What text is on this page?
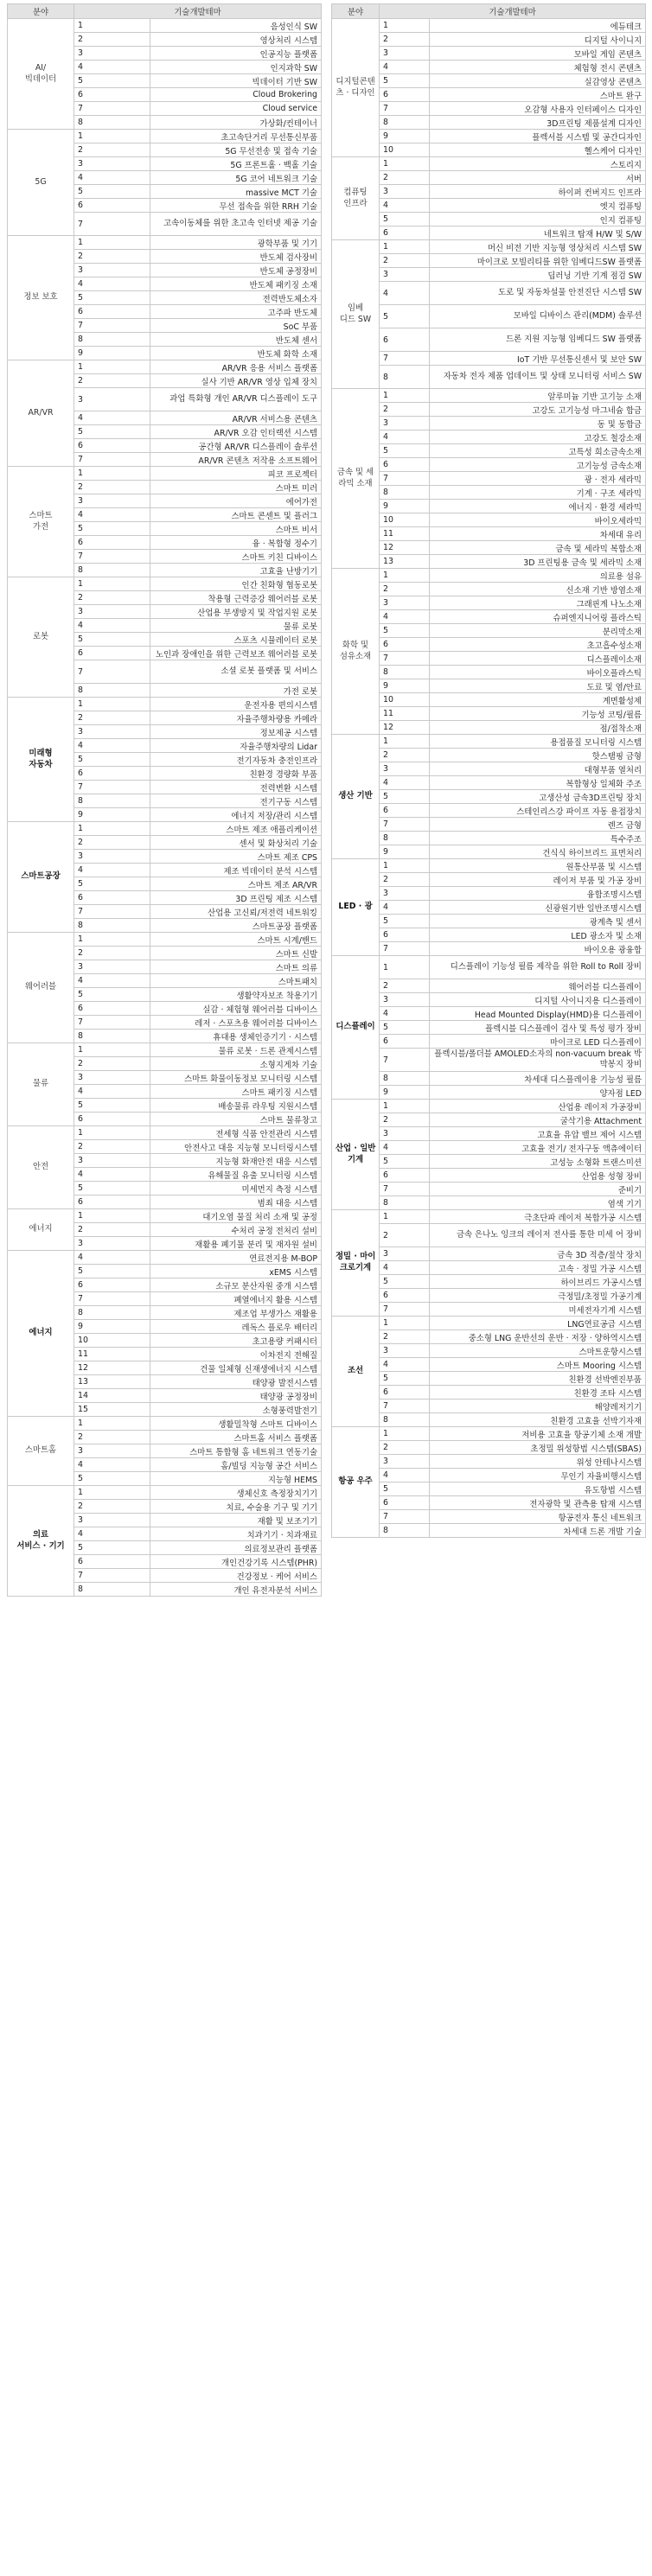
분야	기술개발테마	
AI/
빅데이터	1	음성인식 SW
	2	영상처리 시스템
	3	인공지능 플랫폼
	4	인지과학 SW
	5	빅데이터 기반 SW
	6	Cloud Brokering
	7	Cloud service
	8	가상화/컨테이너
5G	1	초고속단거리 무선통신부품
	2	5G 무선전송 및 접속 기술
	3	5G 프론트홀 · 백홀 기술
	4	5G 코어 네트워크 기술
	5	massive MCT 기술
	6	무선 접속을 위한 RRH 기술
	7	고속이동체를 위한 초고속 인터넷 제공 기술
정보 보호	1	광학부품 및 기기
	2	반도체 검사장비
	3	반도체 공정장비
	4	반도체 패키징 소재
	5	전력반도체소자
	6	고주파 반도체
	7	SoC 부품
	8	반도체 센서
	9	반도체 화학 소재
AR/VR	1	AR/VR 응용 서비스 플랫폼
	2	실사 기반 AR/VR 영상 입체 장치
	3	과업 특화형 개인 AR/VR 디스플레이 도구
	4	AR/VR 서비스용 콘텐츠
	5	AR/VR 오감 인터랙션 시스템
	6	공간형 AR/VR 디스플레이 솔루션
	7	AR/VR 콘텐츠 저작용 소프트웨어
스마트
가전	1	피코 프로젝터
	2	스마트 미러
	3	에어가전
	4	스마트 콘센트 및 플러그
	5	스마트 비서
	6	융 · 복합형 정수기
	7	스마트 키친 디바이스
	8	고효율 난방기기
로봇	1	인간 친화형 협동로봇
	2	착용형 근력증강 웨어러블 로봇
	3	산업용 부생방지 및 작업지원 로봇
	4	물류 로봇
	5	스포츠 시뮬레이터 로봇
	6	노인과 장애인을 위한 근력보조 웨어러블 로봇
	7	소셜 로봇 플랫폼 및 서비스
	8	가전 로봇
미래형
자동차	1	운전자용 편의시스템
	2	자율주행차량용 카메라
	3	정보제공 시스템
	4	자율주행차량의 Lidar
	5	전기자동차 충전인프라
	6	친환경 경량화 부품
	7	전력변환 시스템
	8	전기구동 시스템
	9	에너지 저장/관리 시스템
스마트공장	1	스마트 제조 애플리케이션
	2	센서 및 화상처리 기술
	3	스마트 제조 CPS
	4	제조 빅데이터 분석 시스템
	5	스마트 제조 AR/VR
	6	3D 프린팅 제조 시스템
	7	산업용 고신뢰/저전력 네트워킹
	8	스마트공장 플랫폼
웨어러블	1	스마트 시계/밴드
	2	스마트 신발
	3	스마트 의류
	4	스마트패치
	5	생활약자보조 착용기기
	6	실감 · 체험형 웨어러블 디바이스
	7	레저 · 스포츠용 웨어러블 디바이스
	8	휴대용 생체인증기기 · 시스템
물류	1	물류 로봇 · 드론 관제시스템
	2	소형지게차 기술
	3	스마트 화물이동정보 모니터링 시스템
	4	스마트 패키징 시스템
	5	배송물류 라우팅 지원시스템
	6	스마트 물류창고
안전	1	전세형 식품 안전관리 시스템
	2	안전사고 대응 지능형 모니터링시스템
	3	지능형 화재안전 대응 시스템
	4	유해물질 유출 모니터링 시스템
	5	미세먼지 측정 시스템
	6	범죄 대응 시스템
에너지	1	대기오염 물질 처리 소재 및 공정
	2	수처리 공정 전처리 설비
	3	재활용 폐기물 분리 및 재자원 설비
에너지	4	연료전지용 M-BOP
	5	xEMS 시스템
	6	소규모 분산자원 중개 시스템
	7	폐열에너지 활용 시스템
	8	제조업 부생가스 재활용
	9	레독스 플로우 배터리
	10	초고용량 커패시터
	11	이차전지 전해질
	12	건물 일체형 신재생에너지 시스템
	13	태양광 발전시스템
	14	태양광 공정장비
	15	소형풍력발전기
스마트홈	1	생활밀착형 스마트 디바이스
	2	스마트홈 서비스 플랫폼
	3	스마트 통합형 홈 네트워크 연동기술
	4	홈/빌딩 지능형 공간 서비스
	5	지능형 HEMS
의료
서비스 · 기기	1	생체신호 측정장치기기
	2	치료, 수술용 기구 및 기기
	3	재활 및 보조기기
	4	치과기기 · 치과재료
	5	의료정보관리 플랫폼
	6	개인건강기록 시스템(PHR)
	7	건강정보 · 케어 서비스
	8	개인 유전자분석 서비스
분야	기술개발테마	
디지털콘텐
츠 · 디자인	1	에듀테크
	2	디지털 사이니지
	3	모바일 게임 콘텐츠
	4	체험형 전시 콘텐츠
	5	실감영상 콘텐츠
	6	스마트 완구
	7	오감형 사용자 인터페이스 디자인
	8	3D프린팅 제품설계 디자인
	9	플렉서블 시스템 및 공간디자인
	10	헬스케어 디자인
컴퓨팅
인프라	1	스토리지
	2	서버
	3	하이퍼 컨버지드 인프라
	4	엣지 컴퓨팅
	5	인지 컴퓨팅
	6	네트워크 탑재 H/W 및 S/W
임베
디드 SW	1	머신 비전 기반 지능형 영상처리 시스템 SW
	2	마이크로 모빌리티를 위한 임베디드SW 플랫폼
	3	딥러닝 기반 기계 점검 SW
	4	도로 및 자동차설물 안전진단 시스템 SW
	5	모바일 디바이스 관리(MDM) 솔루션
	6	드론 지원 지능형 임베디드 SW 플랫폼
	7	IoT 기반 무선통신센서 및 보안 SW
	8	자동차 전자 제품 업데이트 및 상태 모니터링 서비스 SW
금속 및 세
라믹 소재	1	알루미늄 기반 고기능 소재
	2	고강도 고기능성 마그네슘 합금
	3	동 및 동합금
	4	고강도 철강소재
	5	고특성 희소금속소재
	6	고기능성 금속소재
	7	광 · 전자 세라믹
	8	기계 · 구조 세라믹
	9	에너지 · 환경 세라믹
	10	바이오세라믹
	11	차세대 유리
	12	금속 및 세라믹 복합소재
	13	3D 프린팅용 금속 및 세라믹 소재
화학 및
섬유소재	1	의료용 섬유
	2	신소재 기반 방염소재
	3	그래핀계 나노소재
	4	슈퍼엔지니어링 플라스틱
	5	분리막소재
	6	초고흡수성소재
	7	디스플레이소재
	8	바이오플라스틱
	9	도료 및 염/안료
	10	계면활성제
	11	기능성 코팅/필름
	12	점/접착소재
생산 기반	1	용접품질 모니터링 시스템
	2	핫스탬핑 금형
	3	대형부품 열처리
	4	복합형상 일체화 주조
	5	고생산성 금속3D프린팅 장치
	6	스테인리스강 파이프 자동 용접장치
	7	렌즈 금형
	8	특수주조
	9	건식식 하이브리드 표면처리
LED · 광	1	원통산부품 및 시스템
	2	레이저 부품 및 가공 장비
	3	융합조명시스템
	4	신광원기반 일반조명시스템
	5	광계측 및 센서
	6	LED 광소자 및 소재
	7	바이오용 광융합
디스플레이	1	디스플레이 기능성 필름 제작을 위한 Roll to Roll 장비
	2	웨어러블 디스플레이
	3	디지털 사이니지용 디스플레이
	4	Head Mounted Display(HMD)용 디스플레이
	5	플렉시블 디스플레이 검사 및 특성 평가 장비
	6	마이크로 LED 디스플레이
	7	플렉시블/폴더블 AMOLED소자의 non-vacuum break 박막봉지 장비
	8	차세대 디스플레이용 기능성 필름
	9	양자점 LED
산업 · 일반
기계	1	산업용 레이저 가공장비
	2	굴삭기용 Attachment
	3	고효율 유압 밸브 제어 시스템
	4	고효율 전기/ 전자구동 액츄에이터
	5	고성능 소형화 트랜스미션
	6	산업용 성형 장비
	7	준비기
	8	염색 기기
정밀 · 마이
크로기계	1	극초단파 레이저 복합가공 시스템
	2	금속 은나노 잉크의 레이저 전사를 통한 미세 어 장비
	3	금속 3D 적층/절삭 장치
	4	고속 · 정밀 가공 시스템
	5	하이브리드 가공시스템
	6	극정밀/초정밀 가공기계
	7	미세전자기계 시스템
조선	1	LNG연료공급 시스템
	2	중소형 LNG 운반선의 운반 · 저장 · 양하역시스템
	3	스마트운항시스템
	4	스마트 Mooring 시스템
	5	친환경 선박엔진부품
	6	친환경 조타 시스템
	7	해양레저기기
	8	친환경 고효율 선박기자재
항공 우주	1	저비용 고효율 항공기체 소재 개발
	2	초정밀 위성항법 시스템(SBAS)
	3	위성 안테나시스템
	4	무인기 자율비행시스템
	5	유도항법 시스템
	6	전자광학 및 관측용 탑재 시스템
	7	항공전자 통신 네트워크
	8	차세대 드론 개발 기술
